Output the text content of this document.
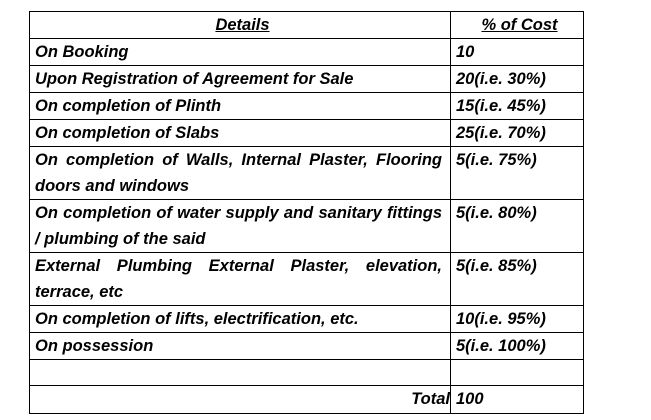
Details	% of Cost
On Booking	10
Upon Registration of Agreement for Sale	20(i.e. 30%)
On completion of Plinth	15(i.e. 45%)
On completion of Slabs	25(i.e. 70%)
On completion of Walls, Internal Plaster, Flooring doors and windows	5(i.e. 75%)
On completion of water supply and sanitary fittings / plumbing of the said	5(i.e. 80%)
External Plumbing External Plaster, elevation, terrace, etc	5(i.e. 85%)
On completion of lifts, electrification, etc.	10(i.e. 95%)
On possession	5(i.e. 100%)

Total	100
